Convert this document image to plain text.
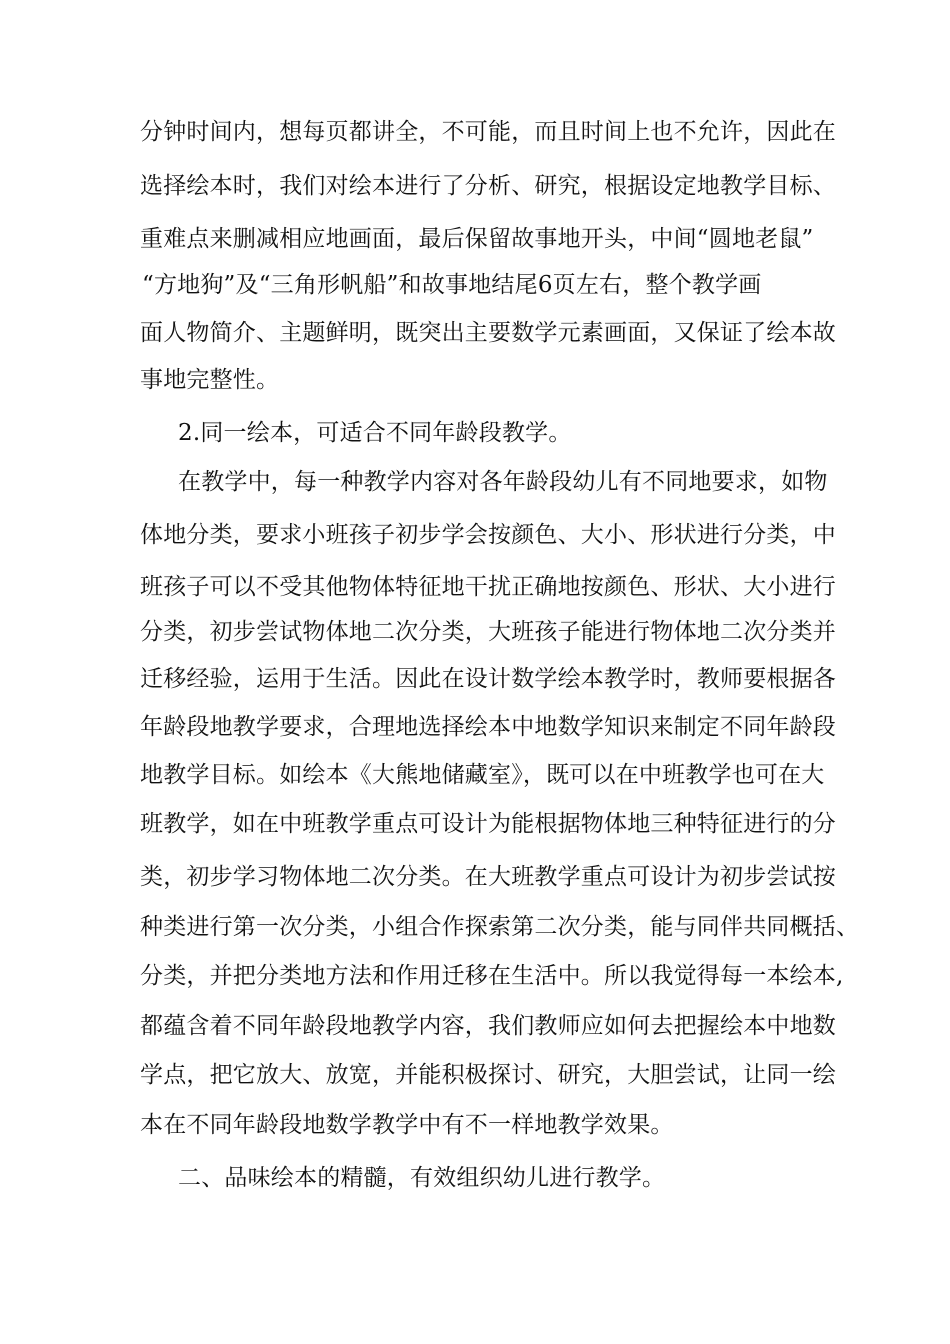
分钟时间内，想每页都讲全，不可能，而且时间上也不允许，因此在
选择绘本时，我们对绘本进行了分析、研究，根据设定地教学目标、
重难点来删减相应地画面，最后保留故事地开头，中间“圆地老鼠”
“方地狗”及“三角形帆船”和故事地结尾6页左右，整个教学画
面人物简介、主题鲜明，既突出主要数学元素画面，又保证了绘本故
事地完整性。
2.同一绘本，可适合不同年龄段教学。
在教学中，每一种教学内容对各年龄段幼儿有不同地要求，如物
体地分类，要求小班孩子初步学会按颜色、大小、形状进行分类，中
班孩子可以不受其他物体特征地干扰正确地按颜色、形状、大小进行
分类，初步尝试物体地二次分类，大班孩子能进行物体地二次分类并
迁移经验，运用于生活。因此在设计数学绘本教学时，教师要根据各
年龄段地教学要求，合理地选择绘本中地数学知识来制定不同年龄段
地教学目标。如绘本《大熊地储藏室》，既可以在中班教学也可在大
班教学，如在中班教学重点可设计为能根据物体地三种特征进行的分
类，初步学习物体地二次分类。在大班教学重点可设计为初步尝试按
种类进行第一次分类，小组合作探索第二次分类，能与同伴共同概括、
分类，并把分类地方法和作用迁移在生活中。所以我觉得每一本绘本,
都蕴含着不同年龄段地教学内容，我们教师应如何去把握绘本中地数
学点，把它放大、放宽，并能积极探讨、研究，大胆尝试，让同一绘
本在不同年龄段地数学教学中有不一样地教学效果。
二、品味绘本的精髓，有效组织幼儿进行教学。
